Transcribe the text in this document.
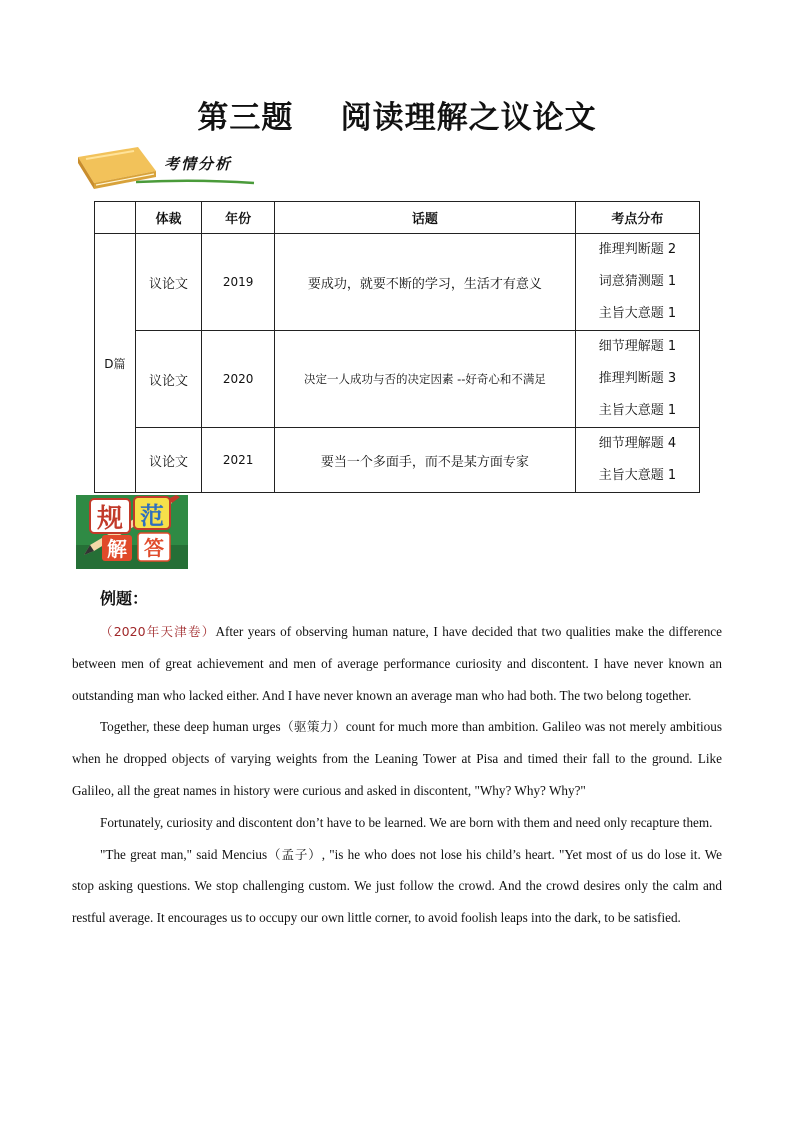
第三题 阅读理解之议论文
考情分析
	体裁	年份	话题	考点分布
D篇	议论文	2019	要成功，就要不断的学习，生活才有意义	推理判断题 2
词意猜测题 1
主旨大意题 1

	议论文	2020	决定一人成功与否的决定因素 --好奇心和不满足	细节理解题 1
推理判断题 3
主旨大意题 1

	议论文	2021	要当一个多面手，而不是某方面专家	细节理解题 4
主旨大意题 1
规 范
解 答
例题：

（2020年天津卷）After years of observing human nature, I have decided that two qualities make the difference between men of great achievement and men of average performance curiosity and discontent. I have never known an outstanding man who lacked either. And I have never known an average man who had both. The two belong together.

Together, these deep human urges（驱策力）count for much more than ambition. Galileo was not merely ambitious when he dropped objects of varying weights from the Leaning Tower at Pisa and timed their fall to the ground. Like Galileo, all the great names in history were curious and asked in discontent, "Why? Why? Why?"

Fortunately, curiosity and discontent don’t have to be learned. We are born with them and need only recapture them.

"The great man," said Mencius（孟子）, "is he who does not lose his child’s heart. "Yet most of us do lose it. We stop asking questions. We stop challenging custom. We just follow the crowd. And the crowd desires only the calm and restful average. It encourages us to occupy our own little corner, to avoid foolish leaps into the dark, to be satisfied.
